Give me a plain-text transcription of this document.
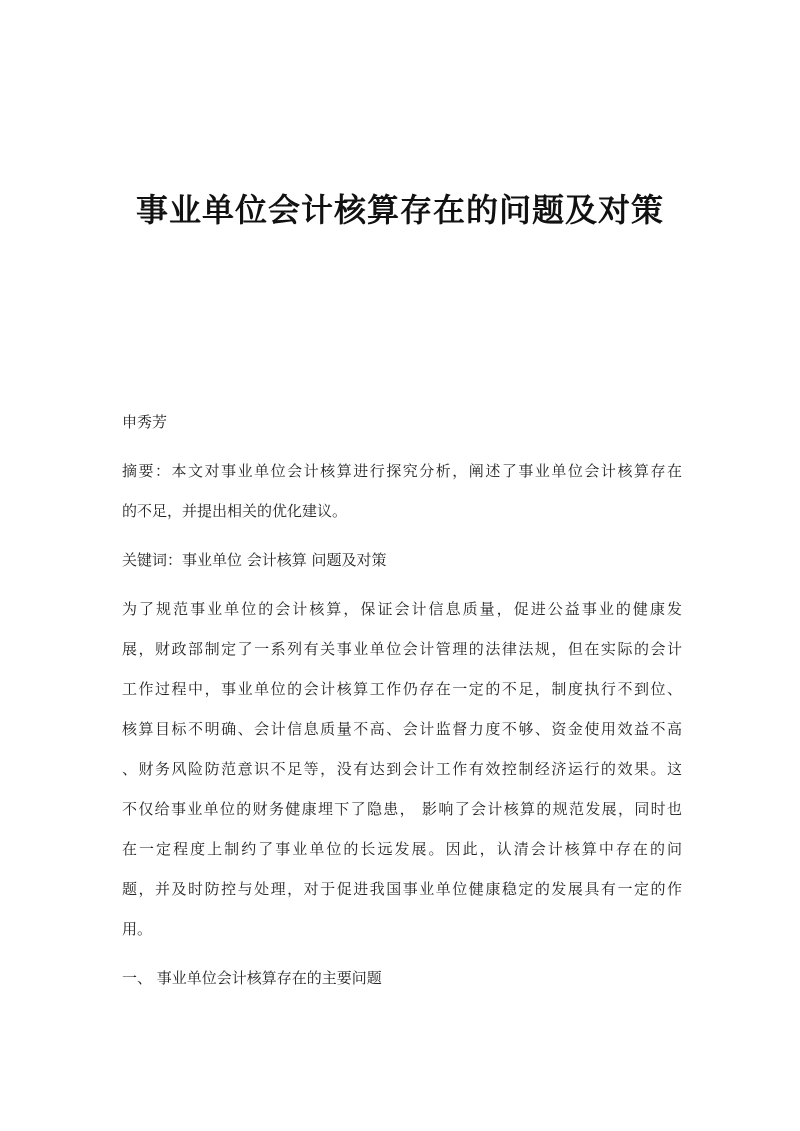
事业单位会计核算存在的问题及对策

申秀芳

摘要：本文对事业单位会计核算进行探究分析，阐述了事业单位会计核算存在

的不足，并提出相关的优化建议。

关键词：事业单位 会计核算 问题及对策

为了规范事业单位的会计核算，保证会计信息质量，促进公益事业的健康发

展，财政部制定了一系列有关事业单位会计管理的法律法规，但在实际的会计

工作过程中，事业单位的会计核算工作仍存在一定的不足，制度执行不到位、

核算目标不明确、会计信息质量不高、会计监督力度不够、资金使用效益不高

、财务风险防范意识不足等，没有达到会计工作有效控制经济运行的效果。这

不仅给事业单位的财务健康埋下了隐患， 影响了会计核算的规范发展，同时也

在一定程度上制约了事业单位的长远发展。因此，认清会计核算中存在的问

题，并及时防控与处理，对于促进我国事业单位健康稳定的发展具有一定的作

用。

一、 事业单位会计核算存在的主要问题
